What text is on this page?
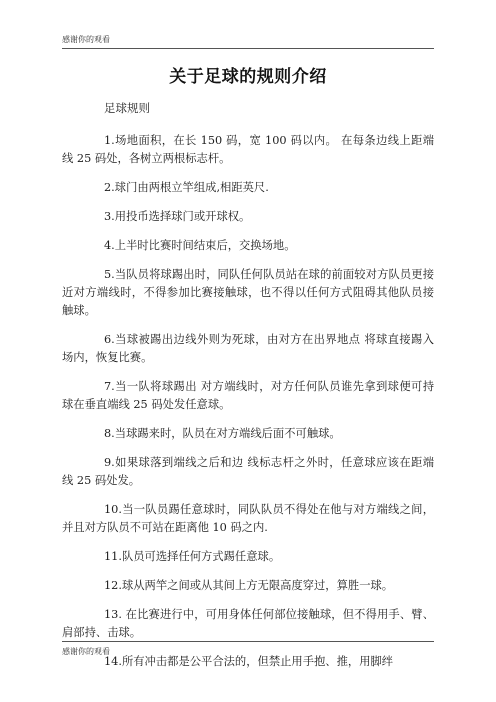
感谢你的观看
关于足球的规则介绍
足球规则

1.场地面积，在长 150 码，宽 100 码以内。 在每条边线上距端线 25 码处，各树立两根标志杆。

2.球门由两根立竿组成,相距英尺.

3.用投币选择球门或开球权。

4.上半时比赛时间结束后，交换场地。

5.当队员将球踢出时，同队任何队员站在球的前面较对方队员更接近对方端线时，不得参加比赛接触球，也不得以任何方式阻碍其他队员接触球。

6.当球被踢出边线外则为死球，由对方在出界地点 将球直接踢入场内，恢复比赛。

7.当一队将球踢出 对方端线时，对方任何队员谁先拿到球便可持球在垂直端线 25 码处发任意球。

8.当球踢来时，队员在对方端线后面不可触球。

9.如果球落到端线之后和边 线标志杆之外时，任意球应该在距端线 25 码处发。

10.当一队员踢任意球时，同队队员不得处在他与对方端线之间，并且对方队员不可站在距离他 10 码之内.

11.队员可选择任何方式踢任意球。

12.球从两竿之间或从其间上方无限高度穿过，算胜一球。

13. 在比赛进行中，可用身体任何部位接触球，但不得用手、臂、肩部持、击球。

14.所有冲击都是公平合法的，但禁止用手抱、推，用脚绊

感谢你的观看
